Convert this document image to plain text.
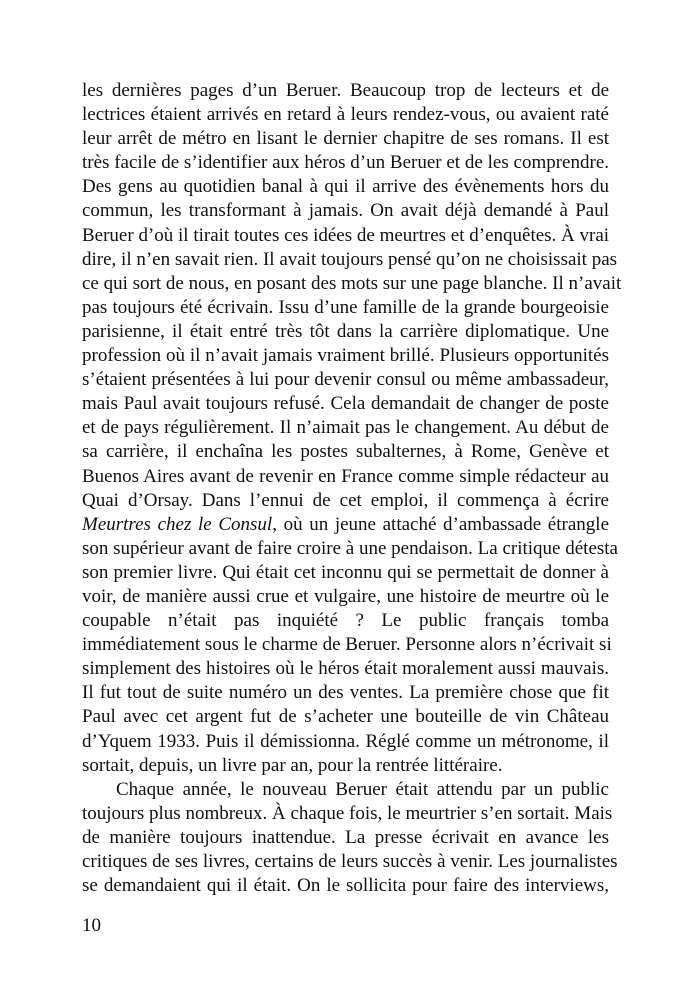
les dernières pages d’un Beruer. Beaucoup trop de lecteurs et de
lectrices étaient arrivés en retard à leurs rendez-vous, ou avaient raté
leur arrêt de métro en lisant le dernier chapitre de ses romans. Il est
très facile de s’identifier aux héros d’un Beruer et de les comprendre.
Des gens au quotidien banal à qui il arrive des évènements hors du
commun, les transformant à jamais. On avait déjà demandé à Paul
Beruer d’où il tirait toutes ces idées de meurtres et d’enquêtes. À vrai
dire, il n’en savait rien. Il avait toujours pensé qu’on ne choisissait pas
ce qui sort de nous, en posant des mots sur une page blanche. Il n’avait
pas toujours été écrivain. Issu d’une famille de la grande bourgeoisie
parisienne, il était entré très tôt dans la carrière diplomatique. Une
profession où il n’avait jamais vraiment brillé. Plusieurs opportunités
s’étaient présentées à lui pour devenir consul ou même ambassadeur,
mais Paul avait toujours refusé. Cela demandait de changer de poste
et de pays régulièrement. Il n’aimait pas le changement. Au début de
sa carrière, il enchaîna les postes subalternes, à Rome, Genève et
Buenos Aires avant de revenir en France comme simple rédacteur au
Quai d’Orsay. Dans l’ennui de cet emploi, il commença à écrire
Meurtres chez le Consul, où un jeune attaché d’ambassade étrangle
son supérieur avant de faire croire à une pendaison. La critique détesta
son premier livre. Qui était cet inconnu qui se permettait de donner à
voir, de manière aussi crue et vulgaire, une histoire de meurtre où le
coupable n’était pas inquiété ? Le public français tomba
immédiatement sous le charme de Beruer. Personne alors n’écrivait si
simplement des histoires où le héros était moralement aussi mauvais.
Il fut tout de suite numéro un des ventes. La première chose que fit
Paul avec cet argent fut de s’acheter une bouteille de vin Château
d’Yquem 1933. Puis il démissionna. Réglé comme un métronome, il
sortait, depuis, un livre par an, pour la rentrée littéraire.
Chaque année, le nouveau Beruer était attendu par un public
toujours plus nombreux. À chaque fois, le meurtrier s’en sortait. Mais
de manière toujours inattendue. La presse écrivait en avance les
critiques de ses livres, certains de leurs succès à venir. Les journalistes
se demandaient qui il était. On le sollicita pour faire des interviews,
10
